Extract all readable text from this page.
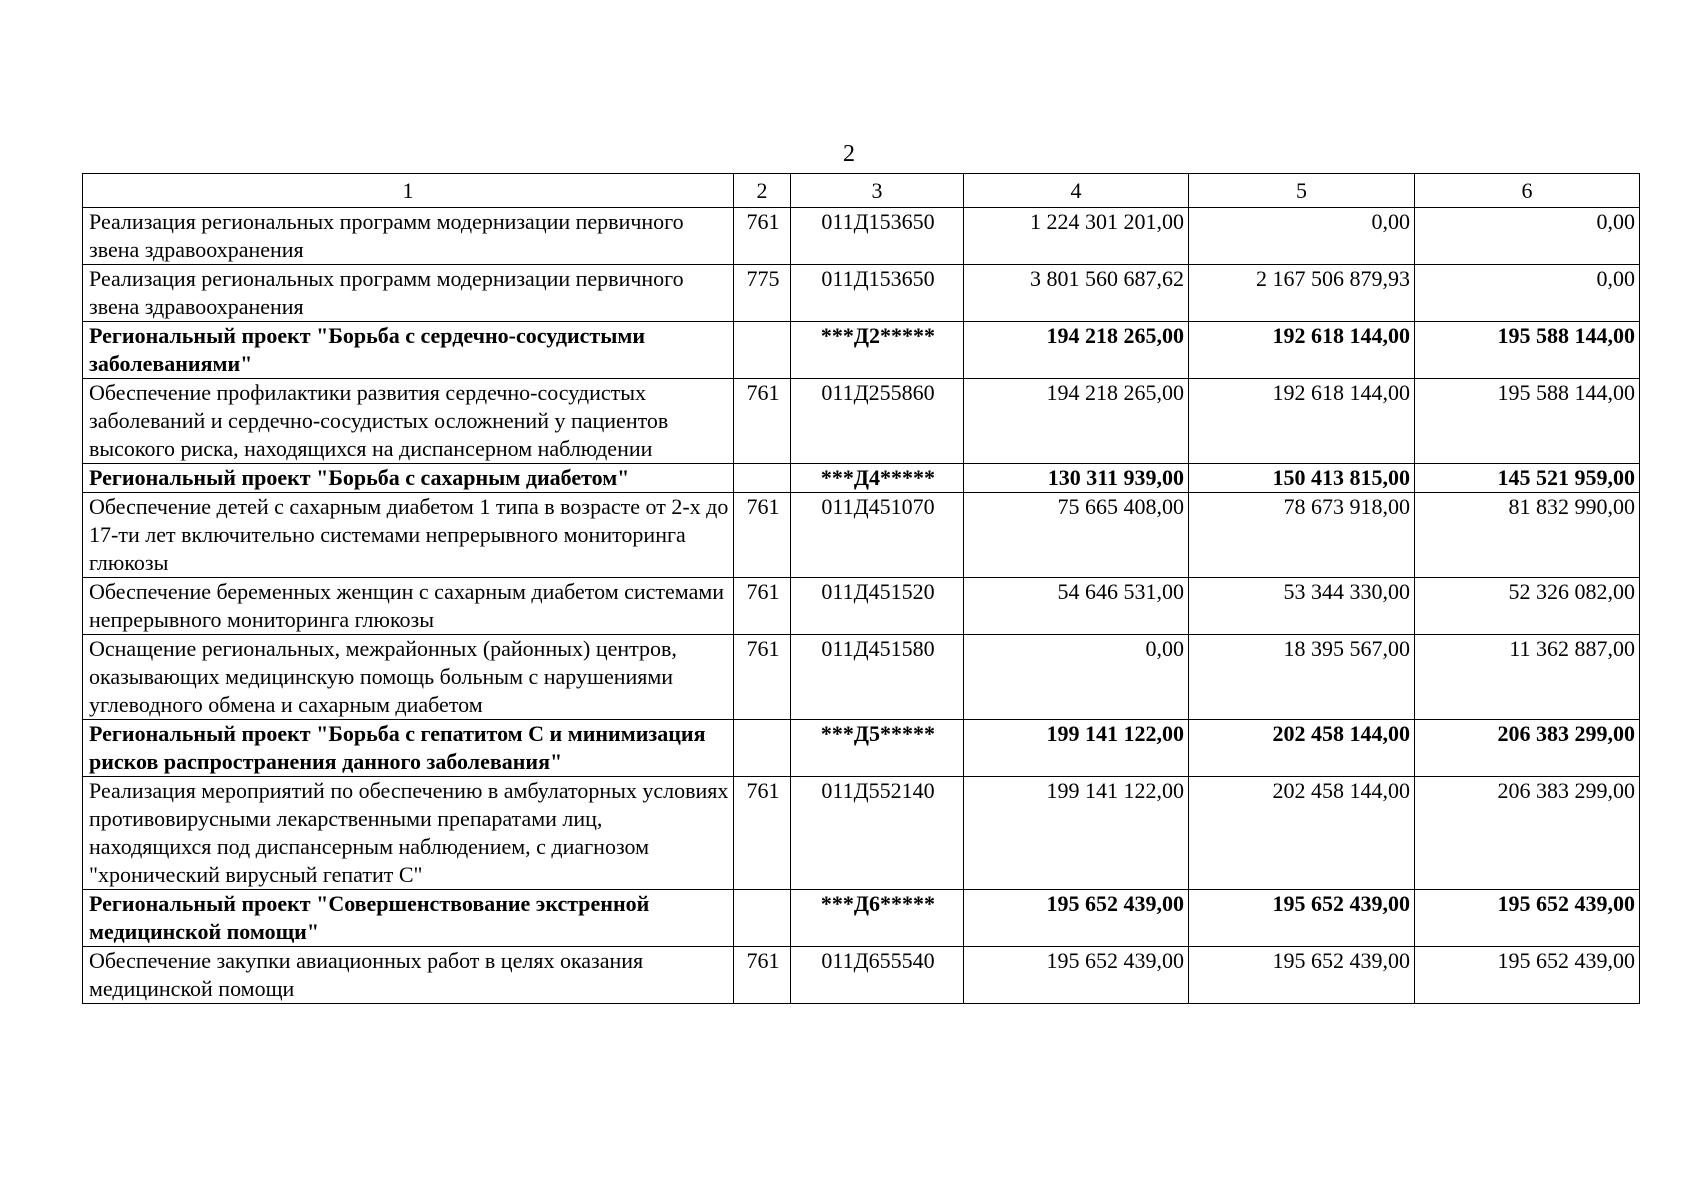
2
1	2	3	4	5	6
Реализация региональных программ модернизации первичного звена здравоохранения	761	011Д153650	1 224 301 201,00	0,00	0,00
Реализация региональных программ модернизации первичного звена здравоохранения	775	011Д153650	3 801 560 687,62	2 167 506 879,93	0,00
Региональный проект "Борьба с сердечно-сосудистыми заболеваниями"		***Д2*****	194 218 265,00	192 618 144,00	195 588 144,00
Обеспечение профилактики развития сердечно-сосудистых заболеваний и сердечно-сосудистых осложнений у пациентов высокого риска, находящихся на диспансерном наблюдении	761	011Д255860	194 218 265,00	192 618 144,00	195 588 144,00
Региональный проект "Борьба с сахарным диабетом"		***Д4*****	130 311 939,00	150 413 815,00	145 521 959,00
Обеспечение детей с сахарным диабетом 1 типа в возрасте от 2-х до 17-ти лет включительно системами непрерывного мониторинга глюкозы	761	011Д451070	75 665 408,00	78 673 918,00	81 832 990,00
Обеспечение беременных женщин с сахарным диабетом системами непрерывного мониторинга глюкозы	761	011Д451520	54 646 531,00	53 344 330,00	52 326 082,00
Оснащение региональных, межрайонных (районных) центров, оказывающих медицинскую помощь больным с нарушениями углеводного обмена и сахарным диабетом	761	011Д451580	0,00	18 395 567,00	11 362 887,00
Региональный проект "Борьба с гепатитом С и минимизация рисков распространения данного заболевания"		***Д5*****	199 141 122,00	202 458 144,00	206 383 299,00
Реализация мероприятий по обеспечению в амбулаторных условиях противовирусными лекарственными препаратами лиц, находящихся под диспансерным наблюдением, с диагнозом "хронический вирусный гепатит С"	761	011Д552140	199 141 122,00	202 458 144,00	206 383 299,00
Региональный проект "Совершенствование экстренной медицинской помощи"		***Д6*****	195 652 439,00	195 652 439,00	195 652 439,00
Обеспечение закупки авиационных работ в целях оказания медицинской помощи	761	011Д655540	195 652 439,00	195 652 439,00	195 652 439,00
